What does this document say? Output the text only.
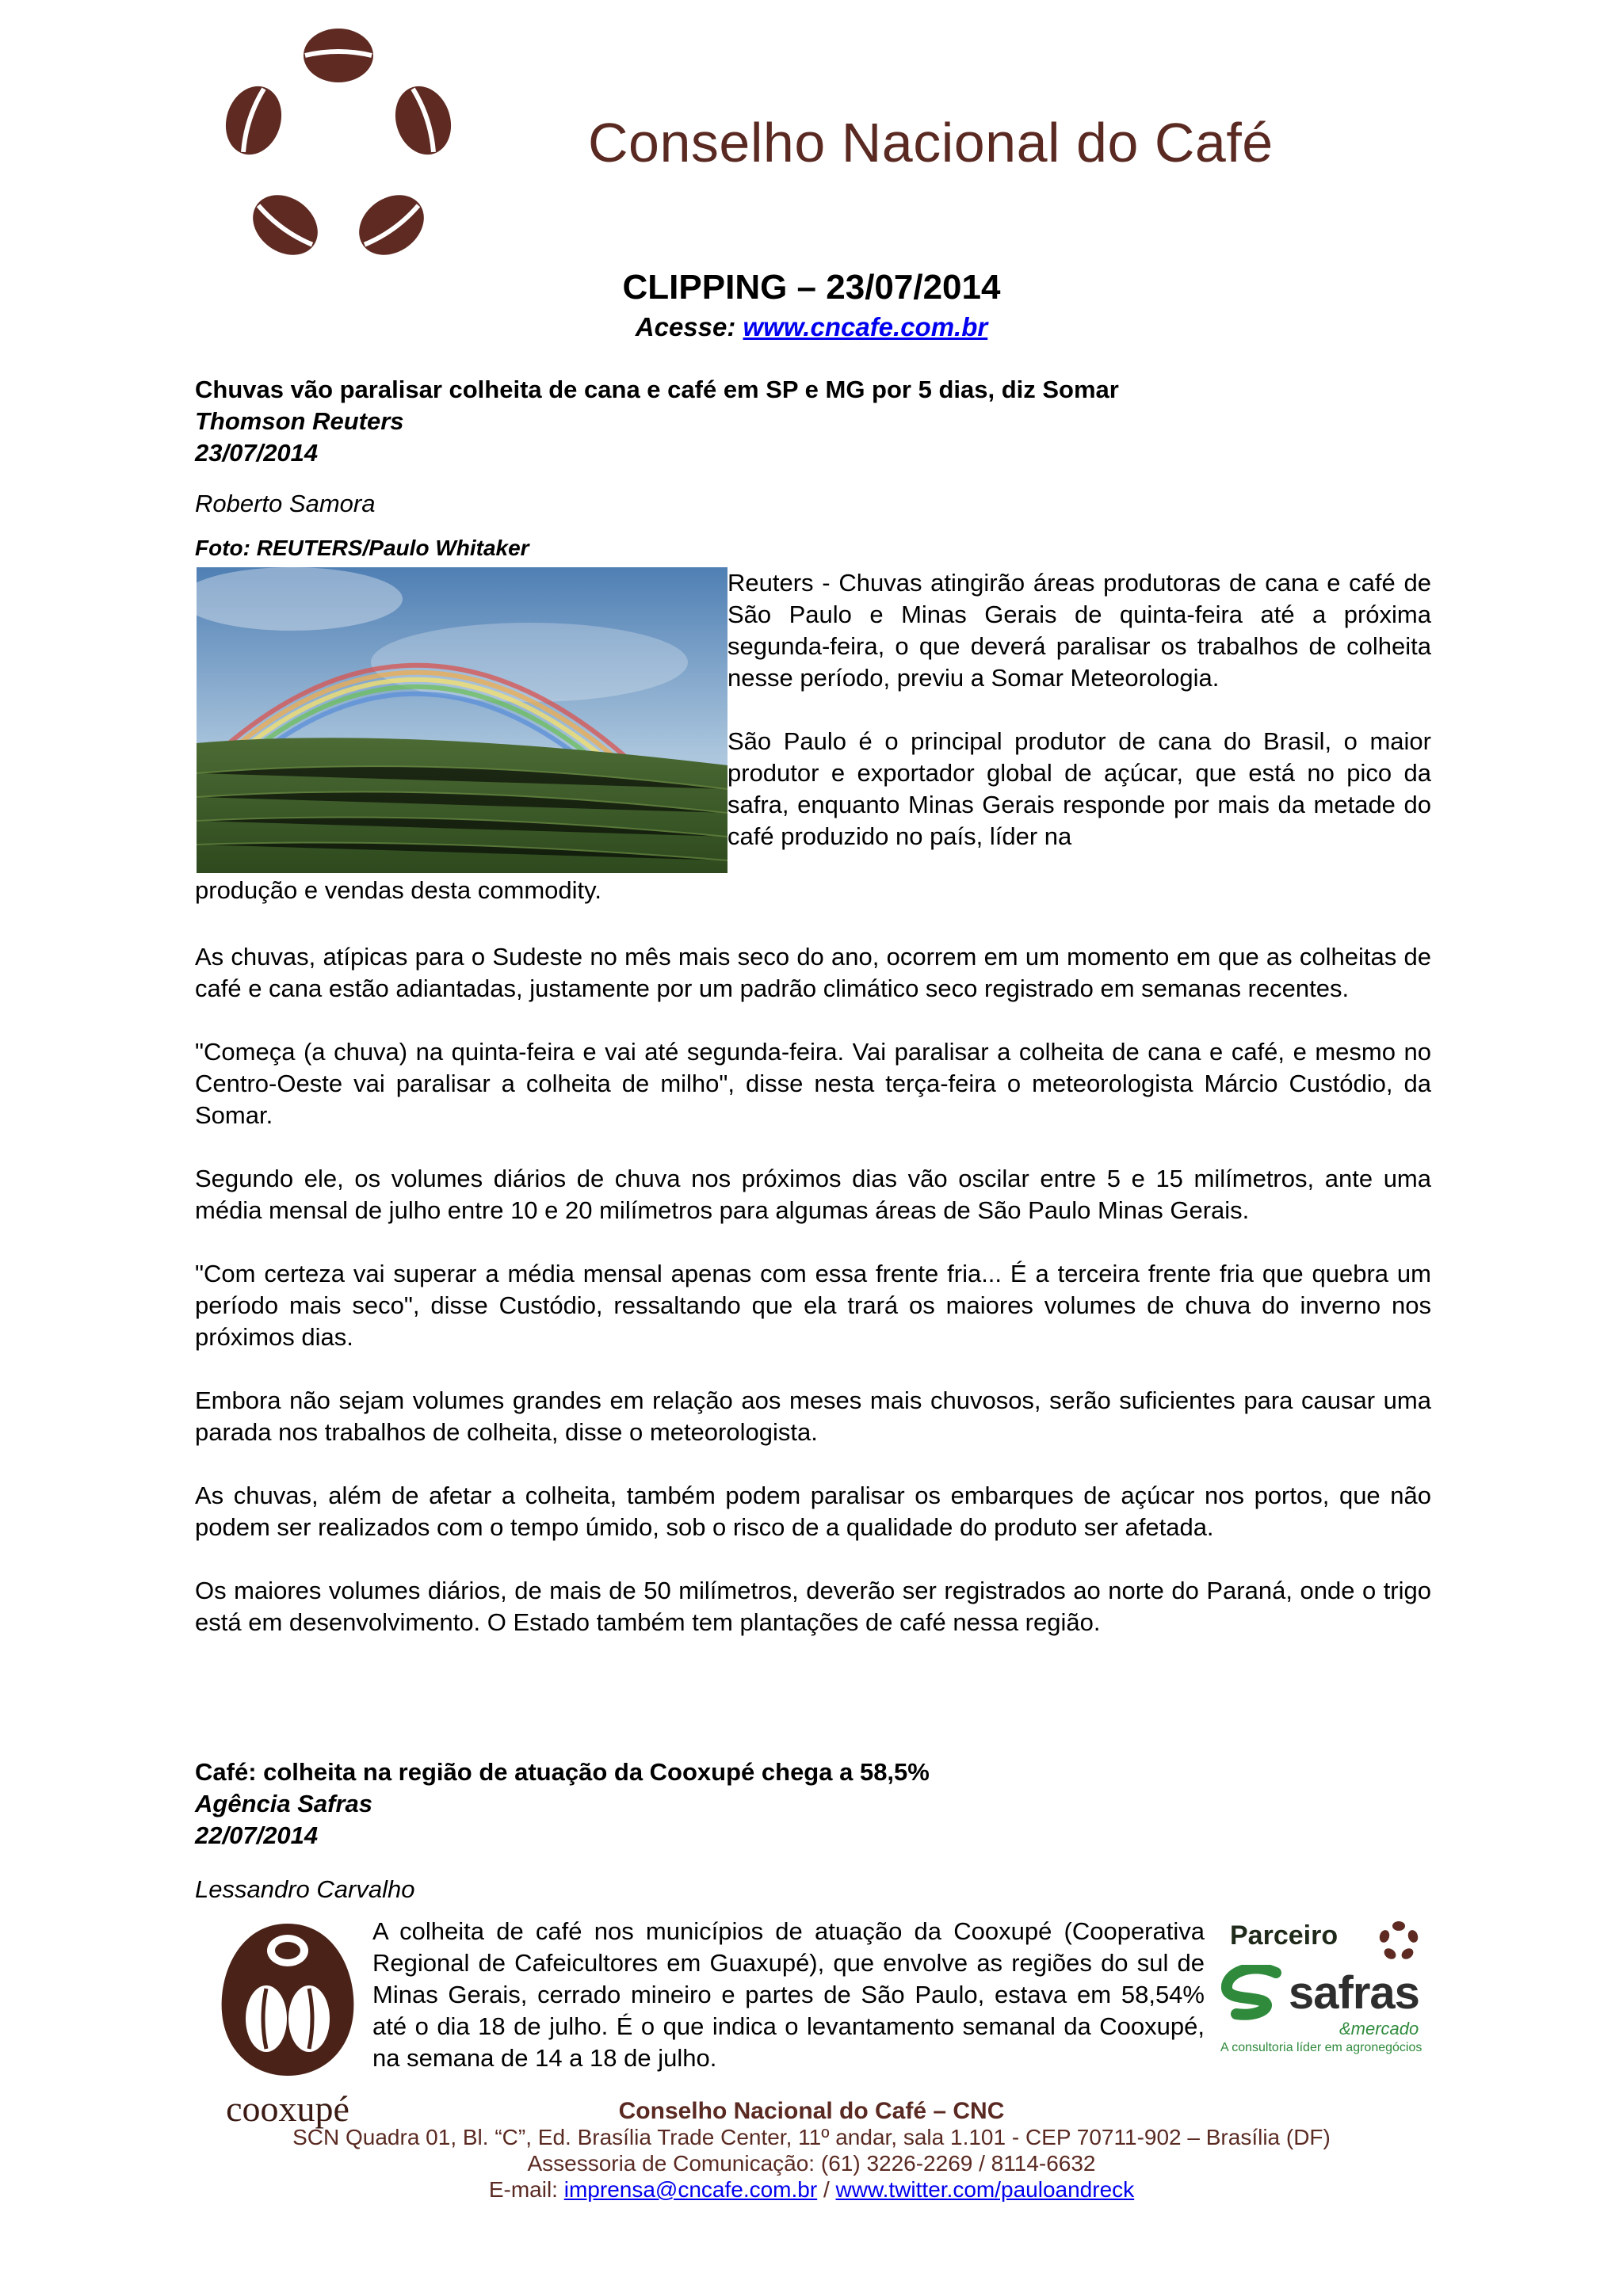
Conselho Nacional do Café
CLIPPING – 23/07/2014
Acesse: www.cncafe.com.br
Chuvas vão paralisar colheita de cana e café em SP e MG por 5 dias, diz Somar
Thomson Reuters
23/07/2014
Roberto Samora
Foto: REUTERS/Paulo Whitaker

Reuters - Chuvas atingirão áreas produtoras de cana e café de São Paulo e Minas Gerais de quinta-feira até a próxima segunda-feira, o que deverá paralisar os trabalhos de colheita nesse período, previu a Somar Meteorologia.

São Paulo é o principal produtor de cana do Brasil, o maior produtor e exportador global de açúcar, que está no pico da safra, enquanto Minas Gerais responde por mais da metade do café produzido no país, líder na

produção e vendas desta commodity.

As chuvas, atípicas para o Sudeste no mês mais seco do ano, ocorrem em um momento em que as colheitas de café e cana estão adiantadas, justamente por um padrão climático seco registrado em semanas recentes.

"Começa (a chuva) na quinta-feira e vai até segunda-feira. Vai paralisar a colheita de cana e café, e mesmo no Centro-Oeste vai paralisar a colheita de milho", disse nesta terça-feira o meteorologista Márcio Custódio, da Somar.

Segundo ele, os volumes diários de chuva nos próximos dias vão oscilar entre 5 e 15 milímetros, ante uma média mensal de julho entre 10 e 20 milímetros para algumas áreas de São Paulo Minas Gerais.

"Com certeza vai superar a média mensal apenas com essa frente fria... É a terceira frente fria que quebra um período mais seco", disse Custódio, ressaltando que ela trará os maiores volumes de chuva do inverno nos próximos dias.

Embora não sejam volumes grandes em relação aos meses mais chuvosos, serão suficientes para causar uma parada nos trabalhos de colheita, disse o meteorologista.

As chuvas, além de afetar a colheita, também podem paralisar os embarques de açúcar nos portos, que não podem ser realizados com o tempo úmido, sob o risco de a qualidade do produto ser afetada.

Os maiores volumes diários, de mais de 50 milímetros, deverão ser registrados ao norte do Paraná, onde o trigo está em desenvolvimento. O Estado também tem plantações de café nessa região.

Café: colheita na região de atuação da Cooxupé chega a 58,5%
Agência Safras
22/07/2014
Lessandro Carvalho
cooxupé

A colheita de café nos municípios de atuação da Cooxupé (Cooperativa Regional de Cafeicultores em Guaxupé), que envolve as regiões do sul de Minas Gerais, cerrado mineiro e partes de São Paulo, estava em 58,54% até o dia 18 de julho. É o que indica o levantamento semanal da Cooxupé, na semana de 14 a 18 de julho.

Parceiro
safras
&mercado
A consultoria líder em agronegócios
Conselho Nacional do Café – CNC
SCN Quadra 01, Bl. “C”, Ed. Brasília Trade Center, 11º andar, sala 1.101 - CEP 70711-902 – Brasília (DF)
Assessoria de Comunicação: (61) 3226-2269 / 8114-6632
E-mail: imprensa@cncafe.com.br / www.twitter.com/pauloandreck
